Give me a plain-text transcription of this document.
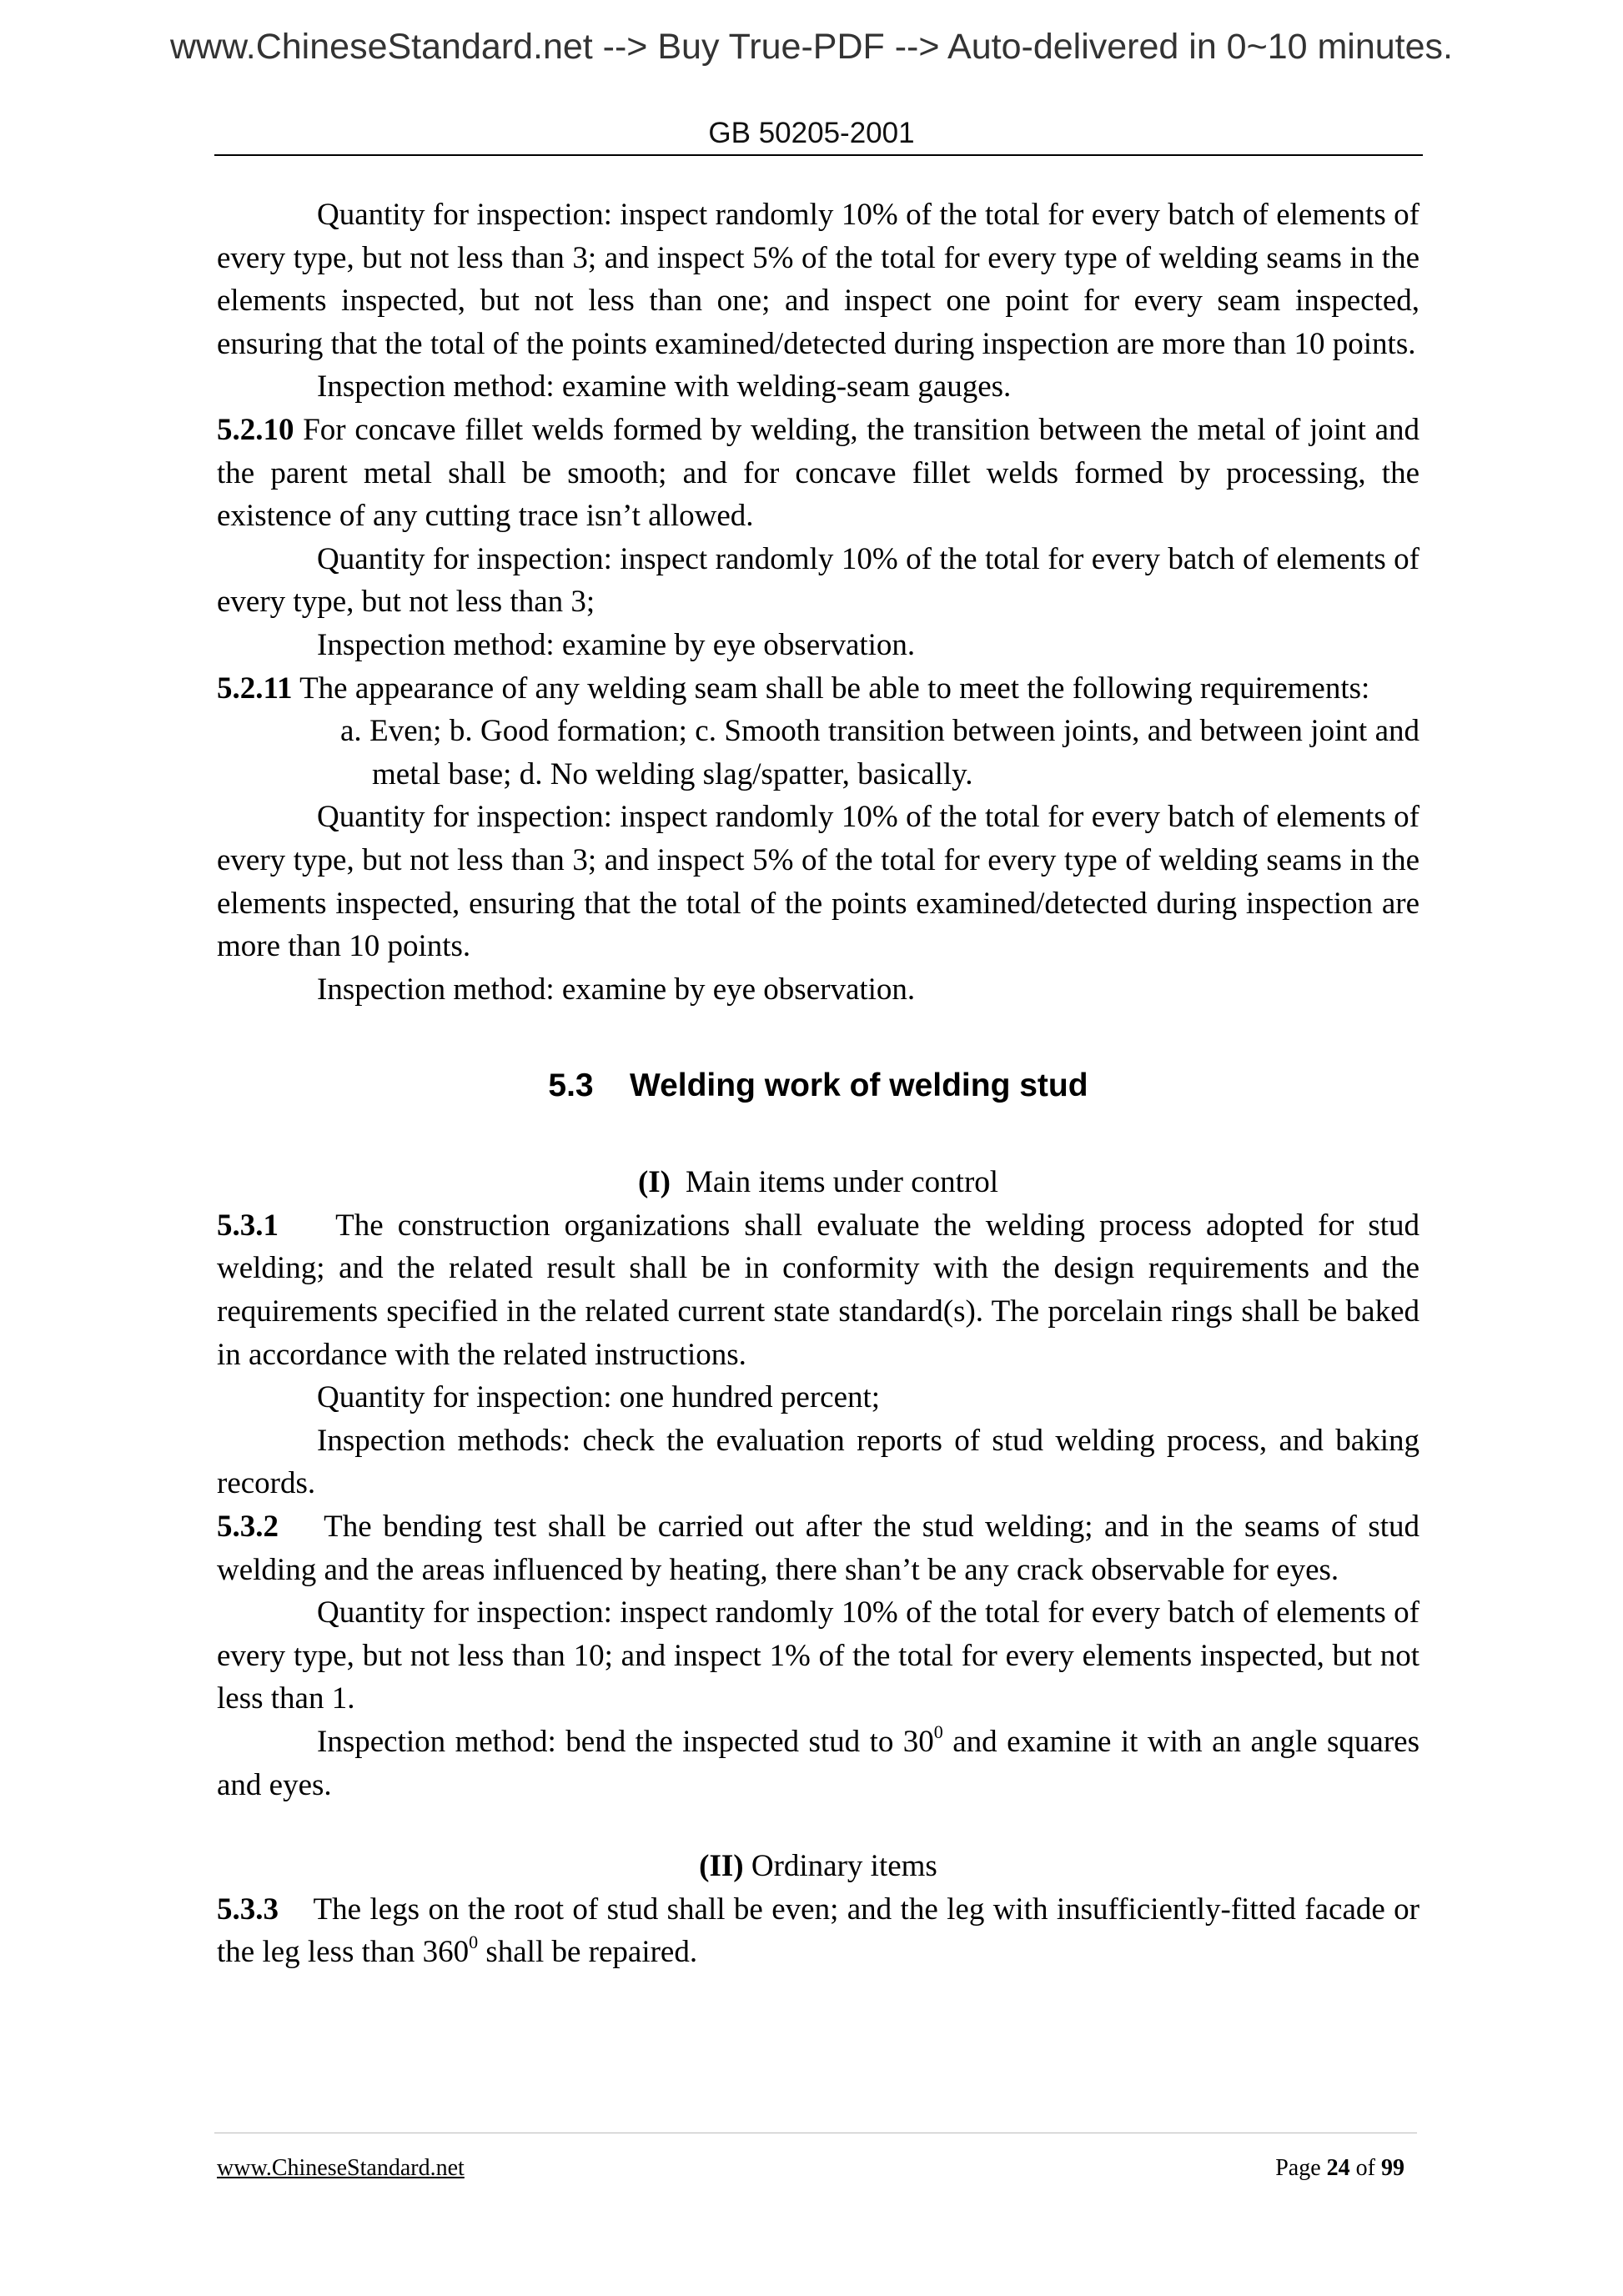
www.ChineseStandard.net --> Buy True-PDF --> Auto-delivered in 0~10 minutes.
GB 50205-2001

Quantity for inspection: inspect randomly 10% of the total for every batch of elements of every type, but not less than 3; and inspect 5% of the total for every type of welding seams in the elements inspected, but not less than one; and inspect one point for every seam inspected, ensuring that the total of the points examined/detected during inspection are more than 10 points.

Inspection method: examine with welding-seam gauges.

5.2.10 For concave fillet welds formed by welding, the transition between the metal of joint and the parent metal shall be smooth; and for concave fillet welds formed by processing, the existence of any cutting trace isn’t allowed.

Quantity for inspection: inspect randomly 10% of the total for every batch of elements of every type, but not less than 3;

Inspection method: examine by eye observation.

5.2.11 The appearance of any welding seam shall be able to meet the following requirements:

a. Even; b. Good formation; c. Smooth transition between joints, and between joint and metal base; d. No welding slag/spatter, basically.

Quantity for inspection: inspect randomly 10% of the total for every batch of elements of every type, but not less than 3; and inspect 5% of the total for every type of welding seams in the elements inspected, ensuring that the total of the points examined/detected during inspection are more than 10 points.

Inspection method: examine by eye observation.

5.3 Welding work of welding stud

(I) Main items under control

5.3.1 The construction organizations shall evaluate the welding process adopted for stud welding; and the related result shall be in conformity with the design requirements and the requirements specified in the related current state standard(s). The porcelain rings shall be baked in accordance with the related instructions.

Quantity for inspection: one hundred percent;

Inspection methods: check the evaluation reports of stud welding process, and baking records.

5.3.2 The bending test shall be carried out after the stud welding; and in the seams of stud welding and the areas influenced by heating, there shan’t be any crack observable for eyes.

Quantity for inspection: inspect randomly 10% of the total for every batch of elements of every type, but not less than 10; and inspect 1% of the total for every elements inspected, but not less than 1.

Inspection method: bend the inspected stud to $30^0$ and examine it with an angle squares and eyes.

(II) Ordinary items

5.3.3 The legs on the root of stud shall be even; and the leg with insufficiently-fitted facade or the leg less than $360^0$ shall be repaired.

www.ChineseStandard.net	Page 24 of 99
